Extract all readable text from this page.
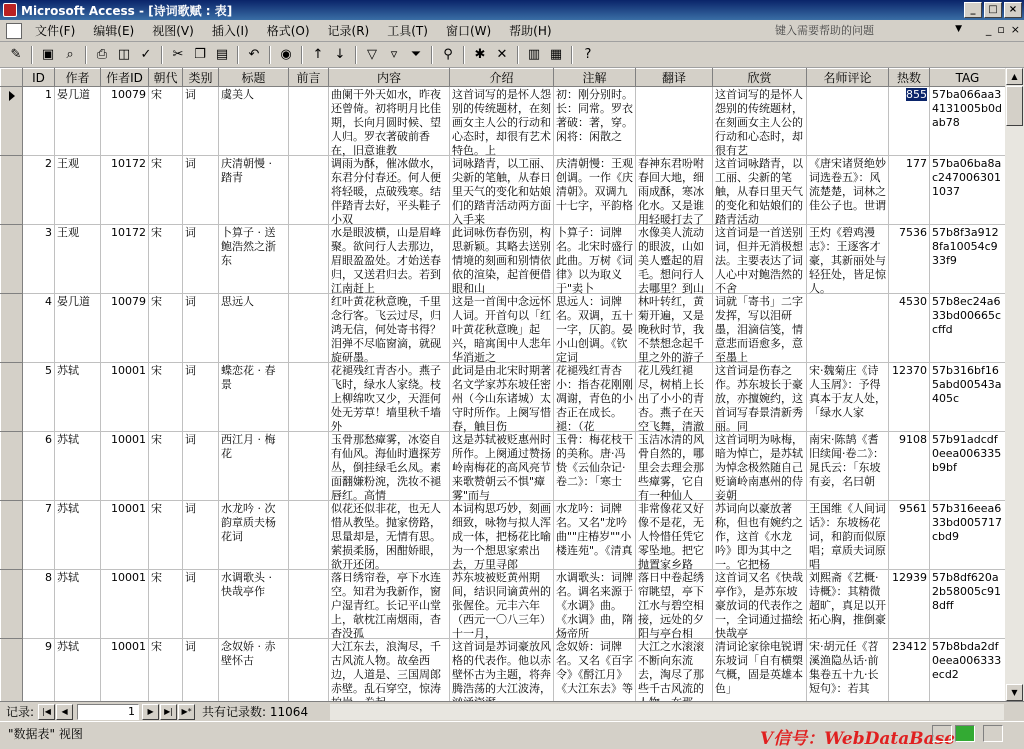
Microsoft Access - [诗词歌赋 : 表]	_	□	×
文件(F)	编辑(E)	视图(V)	插入(I)	格式(O)	记录(R)	工具(T)	窗口(W)	帮助(H)	键入需要帮助的问题	▼ _ ▫ ×
✎	▣ ⌕	⎙ ◫ ✓	✂ ❐ ▤	↶	◉	↑ ↓	▽	▿	⏷	⚲	✱ ✕	▥ ▦	?
	ID	作者	作者ID	朝代	类别	标题	前言	内容	介绍	注解	翻译	欣赏	名师评论	热数	TAG

	1	晏几道	10079	宋	词	虞美人		曲阑干外天如水，昨夜还曾倚。初将明月比佳期，长向月圆时候、望人归。罗衣著破前香在，旧意谁教	这首词写的是怀人怨别的传统题材，在刻画女主人公的行动和心态时，却很有艺术特色。上	初：刚分别时。长：同常。罗衣著破：著，穿。闲将：闲散之		这首词写的是怀人怨别的传统题材，在刻画女主人公的行动和心态时，却很有艺		855	57ba066aa34131005b0dab78

	2	王观	10172	宋	词	庆清朝慢 · 踏青		调雨为酥，催冰做水，东君分付春还。何人便将轻暖，点破残寒。结伴踏青去好，平头鞋子小双	词咏踏青，以工丽、尖新的笔触，从春日里天气的变化和姑娘们的踏青活动两方面入手来	庆清朝慢：王观创调。一作《庆清朝》。双调九十七字，平韵格	春神东君吩咐春回大地，细雨成酥，寒冰化水。又是谁用轻暖打去了	这首词咏踏青，以工丽、尖新的笔触，从春日里天气的变化和姑娘们的踏青活动	《唐宋诸贤绝妙词选卷五》：风流楚楚，词林之佳公子也。世谓	177	57ba06ba8ac2470063011037

	3	王观	10172	宋	词	卜算子 · 送鲍浩然之浙东		水是眼波横，山是眉峰聚。欲问行人去那边，眉眼盈盈处。才始送春归，又送君归去。若到江南赶上	此词咏伤春伤别，构思新颖。其略去送别情境的刻画和别情依依的渲染，起首便借眼和山	卜算子：词牌名。北宋时盛行此曲。万树《词律》以为取义于"卖卜	水像美人流动的眼波，山如美人蹙起的眉毛。想问行人去哪里？到山	这首词是一首送别词，但并无消极想法。主要表达了词人心中对鲍浩然的不舍	王灼《碧鸡漫志》：王逐客才豪，其新丽处与轻狂处，皆足惊人。	7536	57b8f3a9128fa10054c933f9

	4	晏几道	10079	宋	词	思远人		红叶黄花秋意晚，千里念行客。飞云过尽，归鸿无信，何处寄书得？泪弹不尽临窗滴，就砚旋研墨。	这是一首闺中念远怀人词。开首句以「红叶黄花秋意晚」起兴，暗寓闺中人悲年华消逝之	思远人：词牌名。双调，五十一字，仄韵。晏小山创调。《钦定词	林叶转红，黄菊开遍，又是晚秋时节，我不禁想念起千里之外的游子	词就「寄书」二字发挥，写以泪研墨，泪滴信笺，情意悲而语愈多，意至墨上		4530	57b8ec24a633bd00665ccffd

	5	苏轼	10001	宋	词	蝶恋花 · 春景		花褪残红青杏小。燕子飞时，绿水人家绕。枝上柳绵吹又少，天涯何处无芳草！墙里秋千墙外	此词是由北宋时期著名文学家苏东坡任密州（今山东诸城）太守时所作。上阕写惜春，触目伤	花褪残红青杏小：指杏花刚刚凋谢，青色的小杏正在成长。褪：（花	花儿残红褪尽，树梢上长出了小小的青杏。燕子在天空飞舞，清澈	这首词是伤春之作。苏东坡长于豪放，亦擅婉约，这首词写春景清新秀丽。同	宋·魏菊庄《诗人玉屑》：予得真本于友人处，「绿水人家	12370	57b316bf165abd00543a405c

	6	苏轼	10001	宋	词	西江月 · 梅花		玉骨那愁瘴雾，冰姿自有仙风。海仙时遣探芳丛，倒挂绿毛幺凤。素面翻嫌粉涴，洗妆不褪唇红。高情	这是苏轼被贬惠州时所作。上阕通过赞扬岭南梅花的高风亮节来歌赞朝云不惧"瘴雾"而与	玉骨：梅花枝干的美称。唐·冯贽《云仙杂记·卷二》：「寒士	玉洁冰清的风骨自然的，哪里会去理会那些瘴雾，它自有一种仙人	这首词明为咏梅，暗为悼亡，是苏轼为悼念极然随自己贬谪岭南惠州的侍妾朝	南宋·陈鹄《耆旧续闻·卷二》：晁氏云：「东坡有妾，名曰朝	9108	57b91adcdf0eea006335b9bf

	7	苏轼	10001	宋	词	水龙吟 · 次韵章质夫杨花词		似花还似非花，也无人惜从教坠。抛家傍路，思量却是，无情有思。萦损柔肠，困酣娇眼，欲开还闭。	本词构思巧妙，刻画细致，咏物与拟人浑成一体，把杨花比喻为一个想思家索出去，万里寻郎	水龙吟：词牌名。又名"龙吟曲""庄椿岁""小楼连苑"。《清真	非常像花又好像不是花，无人怜惜任凭它零坠地。把它抛置家乡路	苏词向以豪放著称，但也有婉约之作，这首《水龙吟》即为其中之一。它把杨	王国维《人间词话》：东坡杨花词，和韵而似原唱；章质夫词原唱	9561	57b316eea633bd005717cbd9

	8	苏轼	10001	宋	词	水调歌头 · 快哉亭作		落日绣帘卷，亭下水连空。知君为我新作，窗户湿青红。长记平山堂上，欹枕江南烟雨，杳杳没孤	苏东坡被贬黄州期间，结识同谪黄州的张偓佺。元丰六年（西元一〇八三年）十一月，	水调歌头：词牌名。调名来源于《水调》曲。《水调》曲，隋炀帝所	落日中卷起绣帘眺望，亭下江水与碧空相接，远处的夕阳与亭台相	这首词又名《快哉亭作》，是苏东坡豪放词的代表作之一，全词通过描绘快哉亭	刘熙斋《艺概·诗概》：其精微超旷，真足以开拓心胸，推倒豪	12939	57b8df620a2b58005c918dff

	9	苏轼	10001	宋	词	念奴娇 · 赤壁怀古		大江东去，浪淘尽，千古风流人物。故垒西边，人道是、三国周郎赤壁。乱石穿空，惊涛	这首词是苏词豪放风格的代表作。他以赤壁怀古为主题，将奔腾浩荡的大江波涛，	念奴娇：词牌名。又名《百字令》《酹江月》《大江东去》等	大江之水滚滚不断向东流去，淘尽了那些千古风流的	清词论家徐电锐谓东坡词「自有横槊气概，固是英雄本色」	宋·胡元任《苕溪渔隐丛话·前集卷五十九·长短句》：若其	23412	57b8bda2df0eea006333ecd2
▲
▼
记录:	|◀	◀	1	▶	▶|	▶* 共有记录数: 11064
"数据表" 视图	V信号：WebDataBase
